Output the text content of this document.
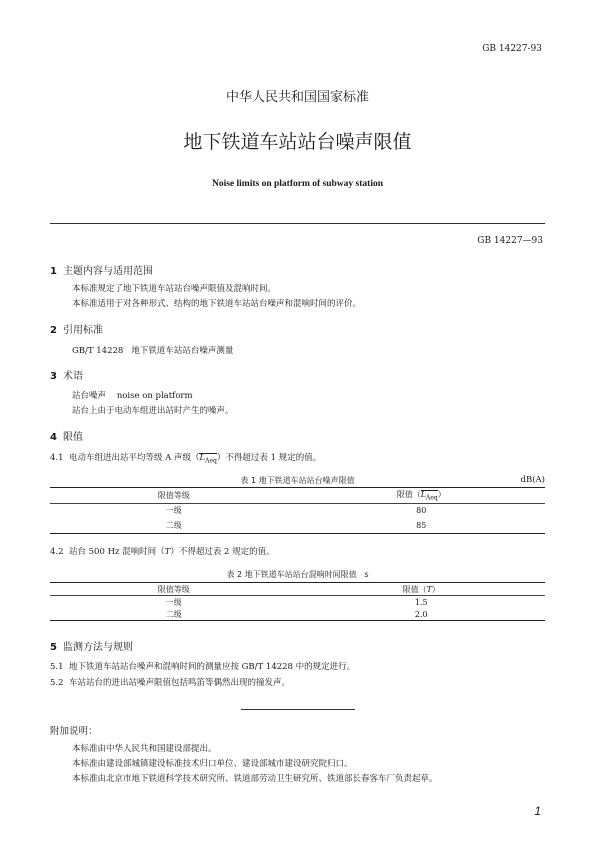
GB 14227-93
中华人民共和国国家标准
地下铁道车站站台噪声限值
Noise limits on platform of subway station
GB 14227—93
1 主题内容与适用范围
本标准规定了地下铁道车站站台噪声限值及混响时间。
本标准适用于对各种形式、结构的地下铁道车站站台噪声和混响时间的评价。
2 引用标准
GB/T 14228 地下铁道车站站台噪声测量
3 术语
站台噪声 noise on platform
站台上由于电动车组进出站时产生的噪声。
4 限值
4.1 电动车组进出站平均等级 A 声级$(L_{Aeq})$不得超过表 1 规定的值。
表 1 地下铁道车站站台噪声限值	dB(A)
限值等级	限值$(L_{Aeq})$
一级	80
二级	85
4.2 站台 500 Hz 混响时间（T）不得超过表 2 规定的值。
表 2 地下铁道车站站台混响时间限值 s
限值等级	限值（T）
一级	1.5
二级	2.0
5 监测方法与规则
5.1 地下铁道车站站台噪声和混响时间的测量应按 GB/T 14228 中的规定进行。
5.2 车站站台的进出站噪声限值包括鸣笛等偶然出现的撞发声。
附加说明：
本标准由中华人民共和国建设部提出。
本标准由建设部城镇建设标准技术归口单位、建设部城市建设研究院归口。
本标准由北京市地下铁道科学技术研究所、铁道部劳动卫生研究所、铁道部长春客车厂负责起草。
1
